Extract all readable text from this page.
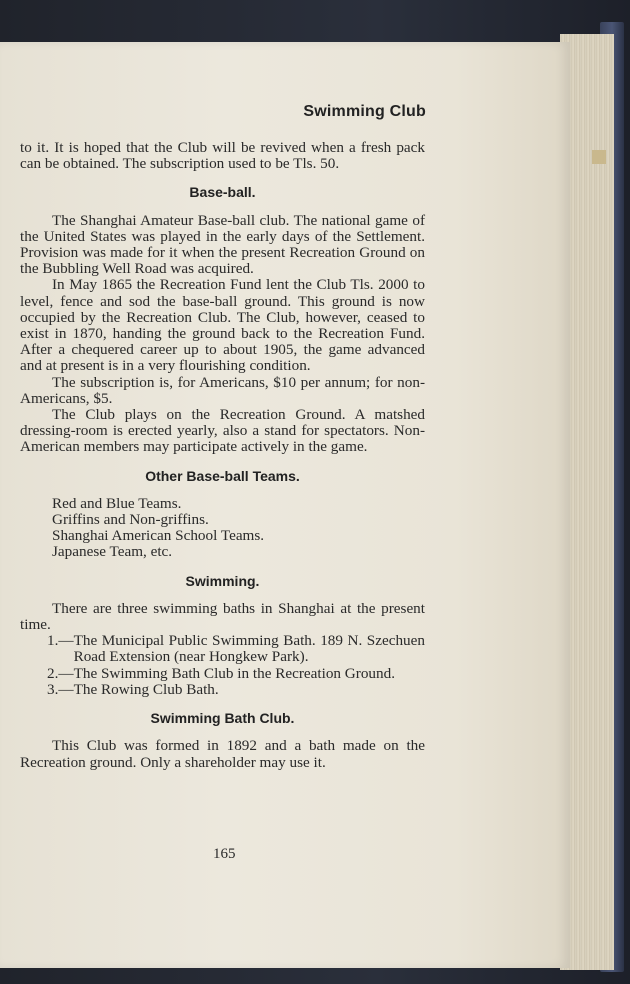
Swimming Club

to it. It is hoped that the Club will be revived when a fresh pack can be obtained. The subscription used to be Tls. 50.

Base-ball.

The Shanghai Amateur Base-ball club. The national game of the United States was played in the early days of the Settlement. Provision was made for it when the present Recreation Ground on the Bubbling Well Road was acquired.

In May 1865 the Recreation Fund lent the Club Tls. 2000 to level, fence and sod the base-ball ground. This ground is now occupied by the Recreation Club. The Club, however, ceased to exist in 1870, handing the ground back to the Recreation Fund. After a chequered career up to about 1905, the game advanced and at present is in a very flourishing condition.

The subscription is, for Americans, $10 per annum; for non-Americans, $5.

The Club plays on the Recreation Ground. A matshed dressing-room is erected yearly, also a stand for spectators. Non-American members may participate actively in the game.

Other Base-ball Teams.
Red and Blue Teams.
Griffins and Non-griffins.
Shanghai American School Teams.
Japanese Team, etc.
Swimming.

There are three swimming baths in Shanghai at the present time.

1.— The Municipal Public Swimming Bath. 189 N. Szechuen Road Extension (near Hongkew Park).
2.— The Swimming Bath Club in the Recreation Ground.
3.— The Rowing Club Bath.
Swimming Bath Club.

This Club was formed in 1892 and a bath made on the Recreation ground. Only a shareholder may use it.

165
